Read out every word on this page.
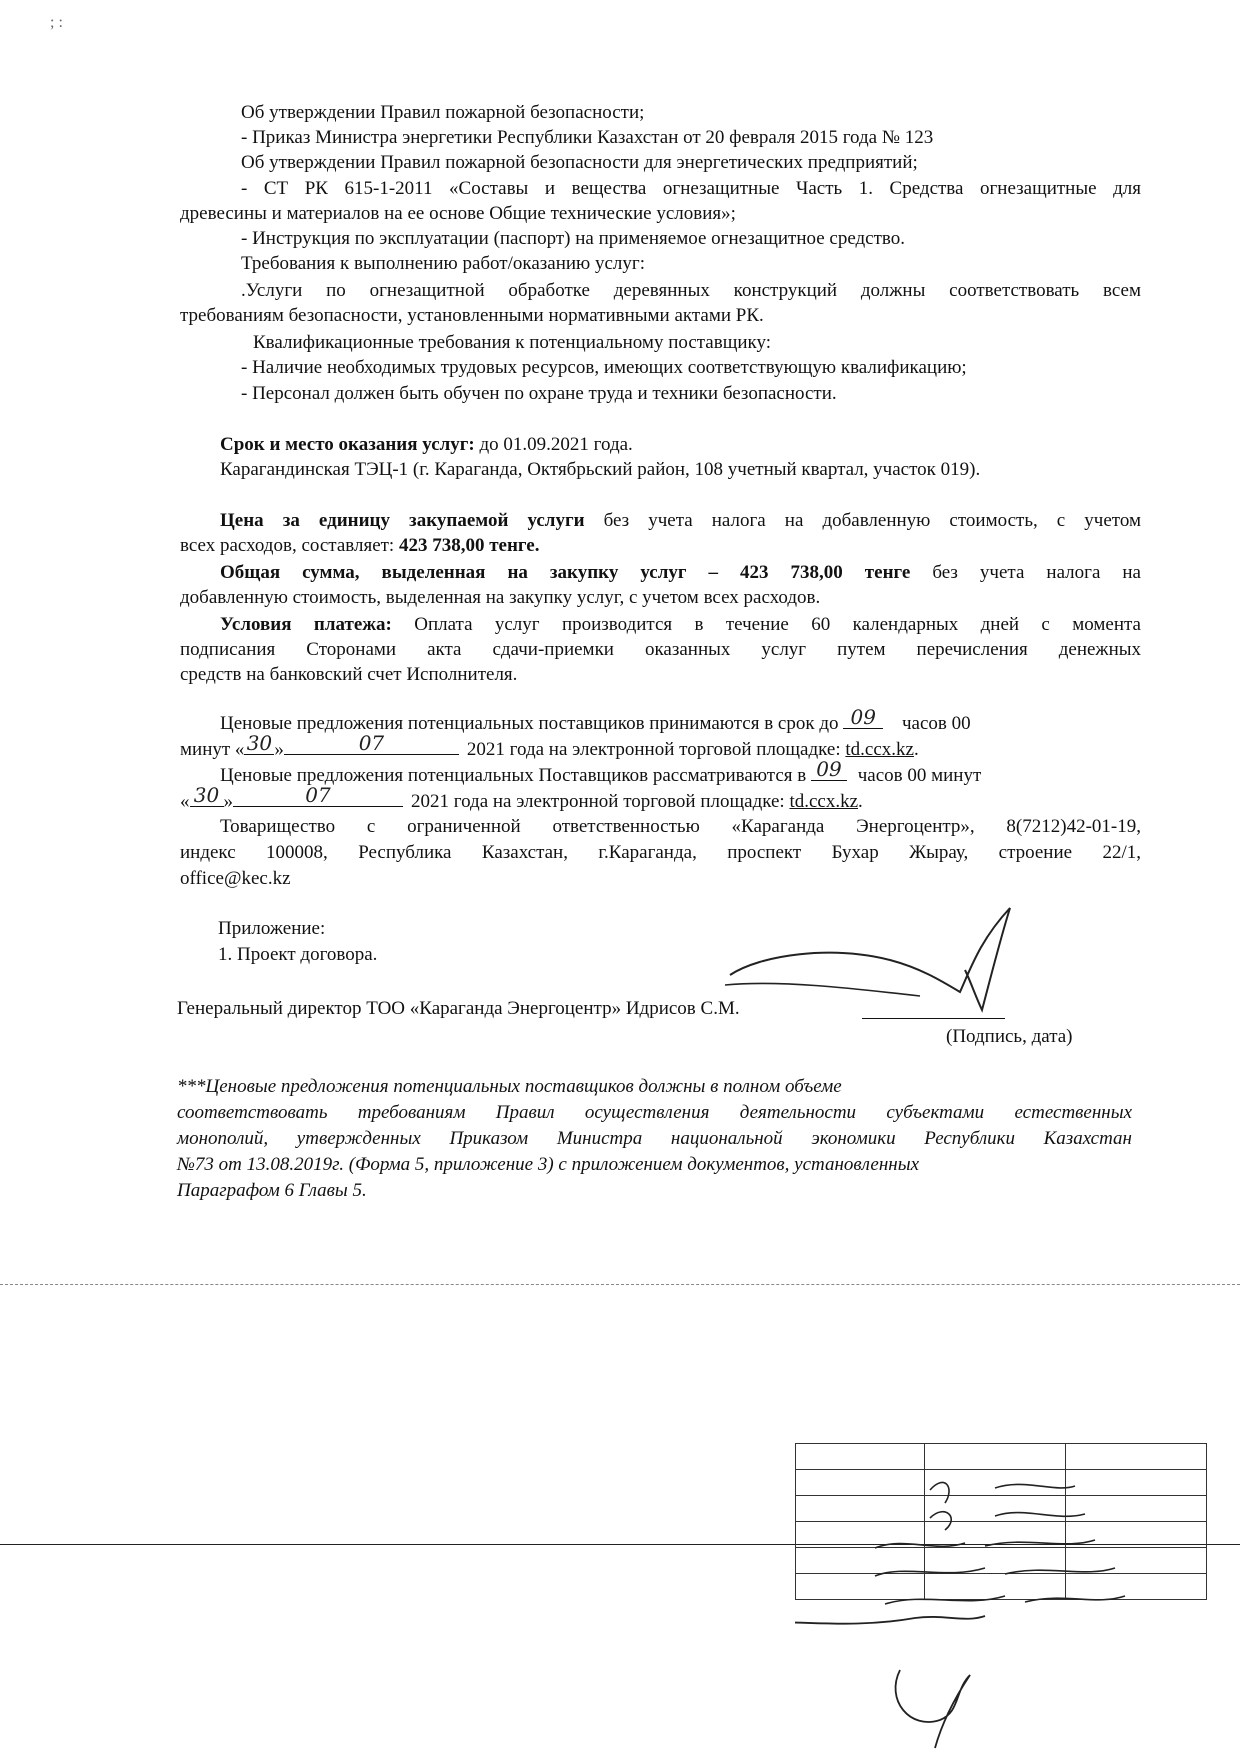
; :
Об утверждении Правил пожарной безопасности;
- Приказ Министра энергетики Республики Казахстан от 20 февраля 2015 года № 123
Об утверждении Правил пожарной безопасности для энергетических предприятий;
- СТ РК 615-1-2011 «Составы и вещества огнезащитные Часть 1. Средства огнезащитные для
древесины и материалов на ее основе Общие технические условия»;
- Инструкция по эксплуатации (паспорт) на применяемое огнезащитное средство.
Требования к выполнению работ/оказанию услуг:
.Услуги по огнезащитной обработке деревянных конструкций должны соответствовать всем
требованиям безопасности, установленными нормативными актами РК.
Квалификационные требования к потенциальному поставщику:
- Наличие необходимых трудовых ресурсов, имеющих соответствующую квалификацию;
- Персонал должен быть обучен по охране труда и техники безопасности.
Срок и место оказания услуг: до 01.09.2021 года.
Карагандинская ТЭЦ-1 (г. Караганда, Октябрьский район, 108 учетный квартал, участок 019).
Цена за единицу закупаемой услуги без учета налога на добавленную стоимость, с учетом
всех расходов, составляет: 423 738,00 тенге.
Общая сумма, выделенная на закупку услуг – 423 738,00 тенге без учета налога на
добавленную стоимость, выделенная на закупку услуг, с учетом всех расходов.
Условия платежа: Оплата услуг производится в течение 60 календарных дней с момента
подписания Сторонами акта сдачи-приемки оказанных услуг путем перечисления денежных
средств на банковский счет Исполнителя.
Ценовые предложения потенциальных поставщиков принимаются в срок до 09	часов 00
минут « 30 »	07	2021 года на электронной торговой площадке: td.ccx.kz.
Ценовые предложения потенциальных Поставщиков рассматриваются в 09 часов 00 минут
« 30 »	07	2021 года на электронной торговой площадке: td.ccx.kz.
Товарищество с ограниченной ответственностью «Караганда Энергоцентр», 8(7212)42-01-19,
индекс 100008, Республика Казахстан, г.Караганда, проспект Бухар Жырау, строение 22/1,
office@kec.kz
Приложение:
1. Проект договора.
Генеральный директор ТОО «Караганда Энергоцентр» Идрисов С.М.
(Подпись, дата)
***Ценовые предложения потенциальных поставщиков должны в полном объеме
соответствовать требованиям Правил осуществления деятельности субъектами естественных
монополий, утвержденных Приказом Министра национальной экономики Республики Казахстан
№73 от 13.08.2019г. (Форма 5, приложение 3) с приложением документов, установленных
Параграфом 6 Главы 5.
